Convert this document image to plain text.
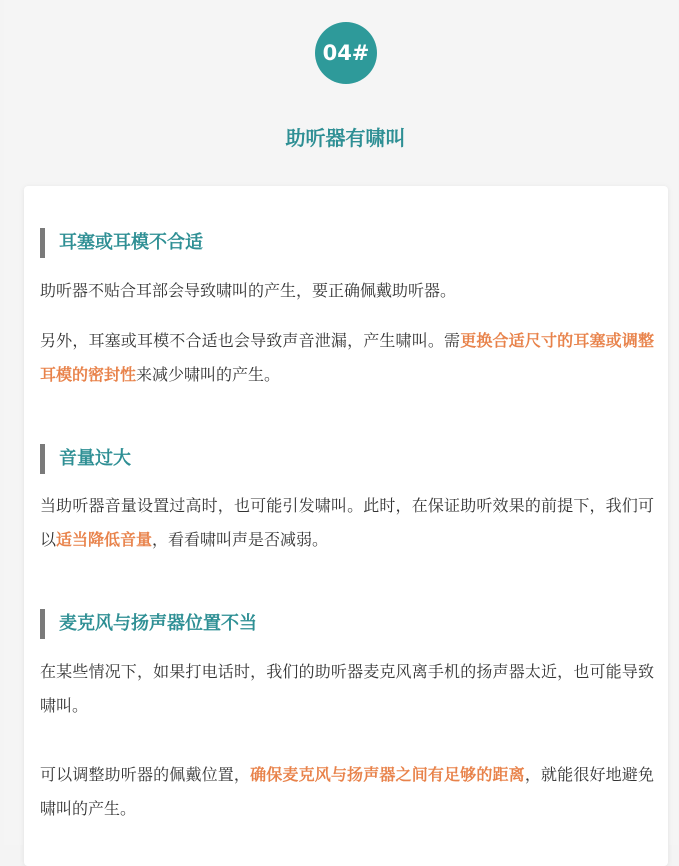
04#
助听器有啸叫
耳塞或耳模不合适
助听器不贴合耳部会导致啸叫的产生，要正确佩戴助听器。
另外，耳塞或耳模不合适也会导致声音泄漏，产生啸叫。需更换合适尺寸的耳塞或调整耳模的密封性来减少啸叫的产生。
音量过大
当助听器音量设置过高时，也可能引发啸叫。此时，在保证助听效果的前提下，我们可以适当降低音量，看看啸叫声是否减弱。
麦克风与扬声器位置不当
在某些情况下，如果打电话时，我们的助听器麦克风离手机的扬声器太近，也可能导致啸叫。
可以调整助听器的佩戴位置，确保麦克风与扬声器之间有足够的距离，就能很好地避免啸叫的产生。
